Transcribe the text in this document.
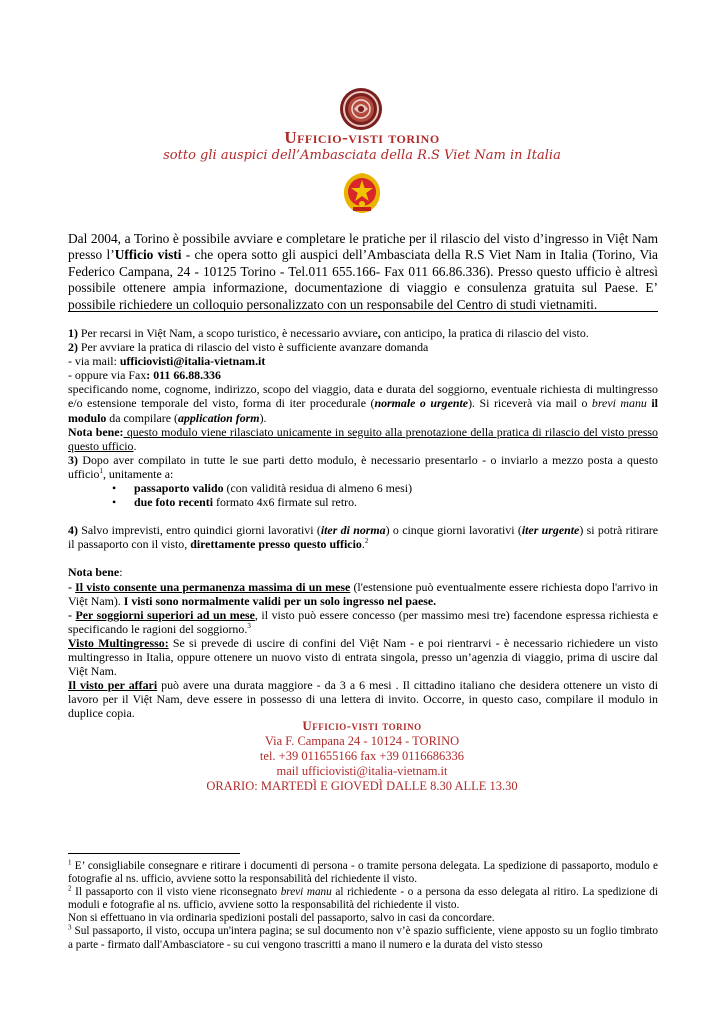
Ufficio-visti torino
sotto gli auspici dell’Ambasciata della R.S Viet Nam in Italia
Dal 2004, a Torino è possibile avviare e completare le pratiche per il rilascio del visto d’ingresso in Việt Nam presso l’Ufficio visti - che opera sotto gli auspici dell’Ambasciata della R.S Viet Nam in Italia (Torino, Via Federico Campana, 24 - 10125 Torino - Tel.011 655.166- Fax 011 66.86.336). Presso questo ufficio è altresì possibile ottenere ampia informazione, documentazione di viaggio e consulenza gratuita sul Paese. E’ possibile richiedere un colloquio personalizzato con un responsabile del Centro di studi vietnamiti.

1) Per recarsi in Việt Nam, a scopo turistico, è necessario avviare, con anticipo, la pratica di rilascio del visto.

2) Per avviare la pratica di rilascio del visto è sufficiente avanzare domanda

- via mail: ufficiovisti@italia-vietnam.it

- oppure via Fax: 011 66.88.336

specificando nome, cognome, indirizzo, scopo del viaggio, data e durata del soggiorno, eventuale richiesta di multingresso e/o estensione temporale del visto, forma di iter procedurale (normale o urgente). Si riceverà via mail o brevi manu il modulo da compilare (application form).

Nota bene: questo modulo viene rilasciato unicamente in seguito alla prenotazione della pratica di rilascio del visto presso questo ufficio.

3) Dopo aver compilato in tutte le sue parti detto modulo, è necessario presentarlo - o inviarlo a mezzo posta a questo ufficio$^1$, unitamente a:

• passaporto valido (con validità residua di almeno 6 mesi)
• due foto recenti formato 4x6 firmate sul retro.

4) Salvo imprevisti, entro quindici giorni lavorativi (iter di norma) o cinque giorni lavorativi (iter urgente) si potrà ritirare il passaporto con il visto, direttamente presso questo ufficio.$^2$

Nota bene:

- Il visto consente una permanenza massima di un mese (l'estensione può eventualmente essere richiesta dopo l'arrivo in Việt Nam). I visti sono normalmente validi per un solo ingresso nel paese.

- Per soggiorni superiori ad un mese, il visto può essere concesso (per massimo mesi tre) facendone espressa richiesta e specificando le ragioni del soggiorno.$^3$

Visto Multingresso: Se si prevede di uscire di confini del Việt Nam - e poi rientrarvi - è necessario richiedere un visto multingresso in Italia, oppure ottenere un nuovo visto di entrata singola, presso un’agenzia di viaggio, prima di uscire dal Việt Nam.

Il visto per affari può avere una durata maggiore - da 3 a 6 mesi . Il cittadino italiano che desidera ottenere un visto di lavoro per il Việt Nam, deve essere in possesso di una lettera di invito. Occorre, in questo caso, compilare il modulo in duplice copia.

Ufficio-visti torino
Via F. Campana 24 - 10124 - TORINO
tel. +39 011655166 fax +39 0116686336
mail ufficiovisti@italia-vietnam.it
ORARIO: MARTEDÌ E GIOVEDÌ DALLE 8.30 ALLE 13.30

$^1$ E’ consigliabile consegnare e ritirare i documenti di persona - o tramite persona delegata. La spedizione di passaporto, modulo e fotografie al ns. ufficio, avviene sotto la responsabilità del richiedente il visto.

$^2$ Il passaporto con il visto viene riconsegnato brevi manu al richiedente - o a persona da esso delegata al ritiro. La spedizione di moduli e fotografie al ns. ufficio, avviene sotto la responsabilità del richiedente il visto.

Non si effettuano in via ordinaria spedizioni postali del passaporto, salvo in casi da concordare.

$^3$ Sul passaporto, il visto, occupa un'intera pagina; se sul documento non v’è spazio sufficiente, viene apposto su un foglio timbrato a parte - firmato dall'Ambasciatore - su cui vengono trascritti a mano il numero e la durata del visto stesso
